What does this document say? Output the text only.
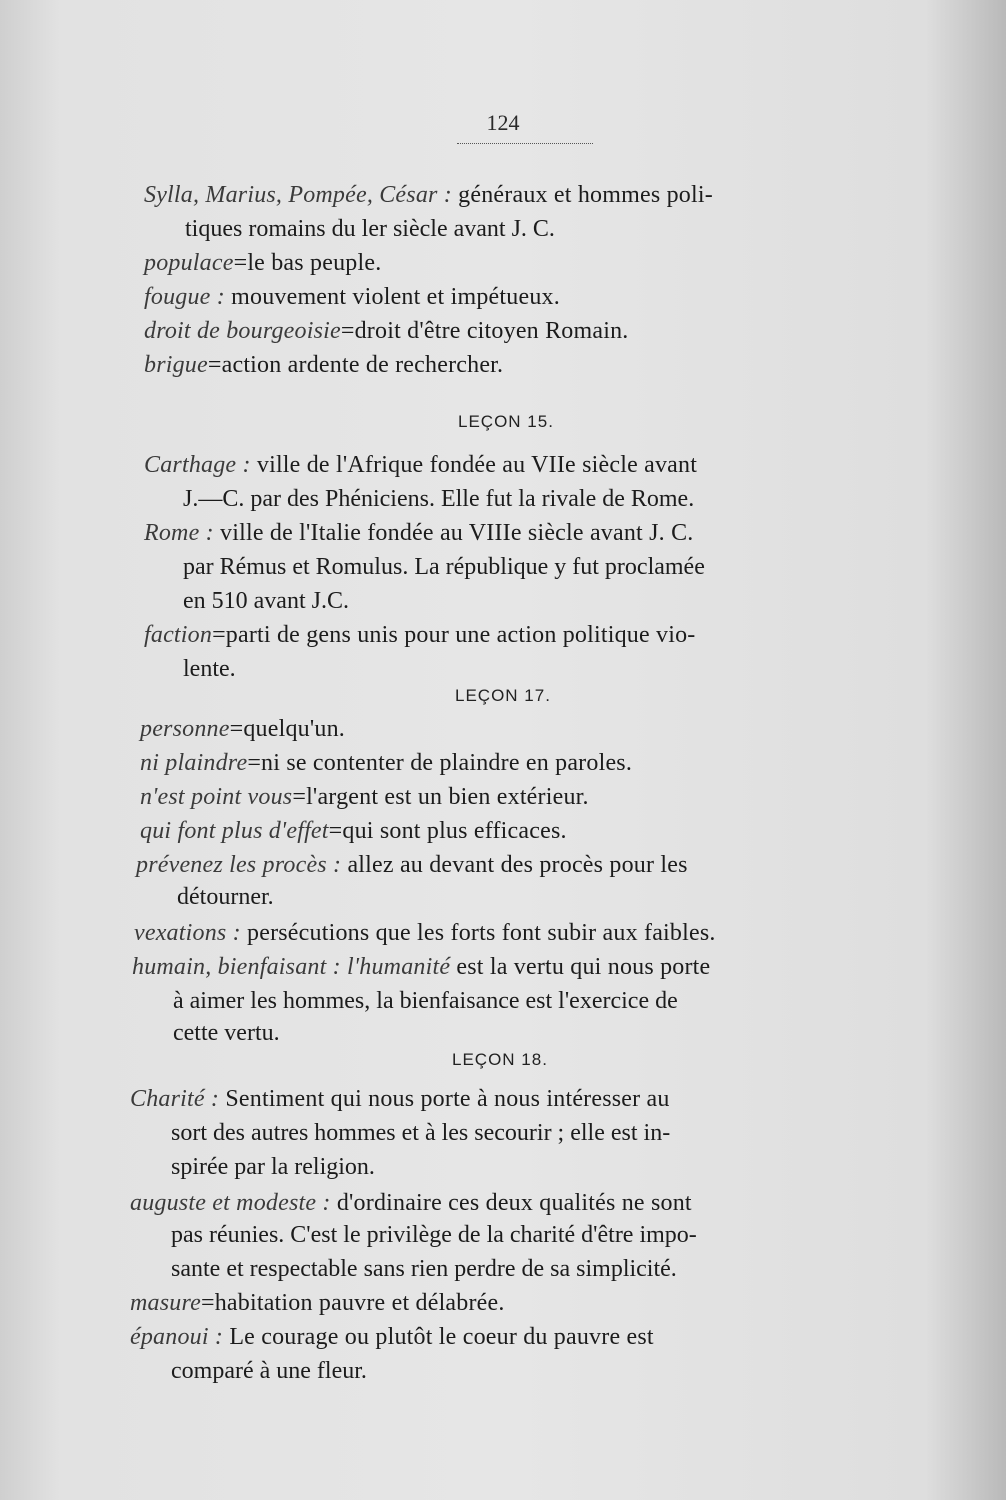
124
Sylla, Marius, Pompée, César : généraux et hommes poli-
tiques romains du ler siècle avant J. C.
populace=le bas peuple.
fougue : mouvement violent et impétueux.
droit de bourgeoisie=droit d'être citoyen Romain.
brigue=action ardente de rechercher.
LEÇON 15.
Carthage : ville de l'Afrique fondée au VIIe siècle avant
J.—C. par des Phéniciens. Elle fut la rivale de Rome.
Rome : ville de l'Italie fondée au VIIIe siècle avant J. C.
par Rémus et Romulus. La république y fut proclamée
en 510 avant J.C.
faction=parti de gens unis pour une action politique vio-
lente.
LEÇON 17.
personne=quelqu'un.
ni plaindre=ni se contenter de plaindre en paroles.
n'est point vous=l'argent est un bien extérieur.
qui font plus d'effet=qui sont plus efficaces.
prévenez les procès : allez au devant des procès pour les
détourner.
vexations : persécutions que les forts font subir aux faibles.
humain, bienfaisant : l'humanité est la vertu qui nous porte
à aimer les hommes, la bienfaisance est l'exercice de
cette vertu.
LEÇON 18.
Charité : Sentiment qui nous porte à nous intéresser au
sort des autres hommes et à les secourir ; elle est in-
spirée par la religion.
auguste et modeste : d'ordinaire ces deux qualités ne sont
pas réunies. C'est le privilège de la charité d'être impo-
sante et respectable sans rien perdre de sa simplicité.
masure=habitation pauvre et délabrée.
épanoui : Le courage ou plutôt le coeur du pauvre est
comparé à une fleur.
